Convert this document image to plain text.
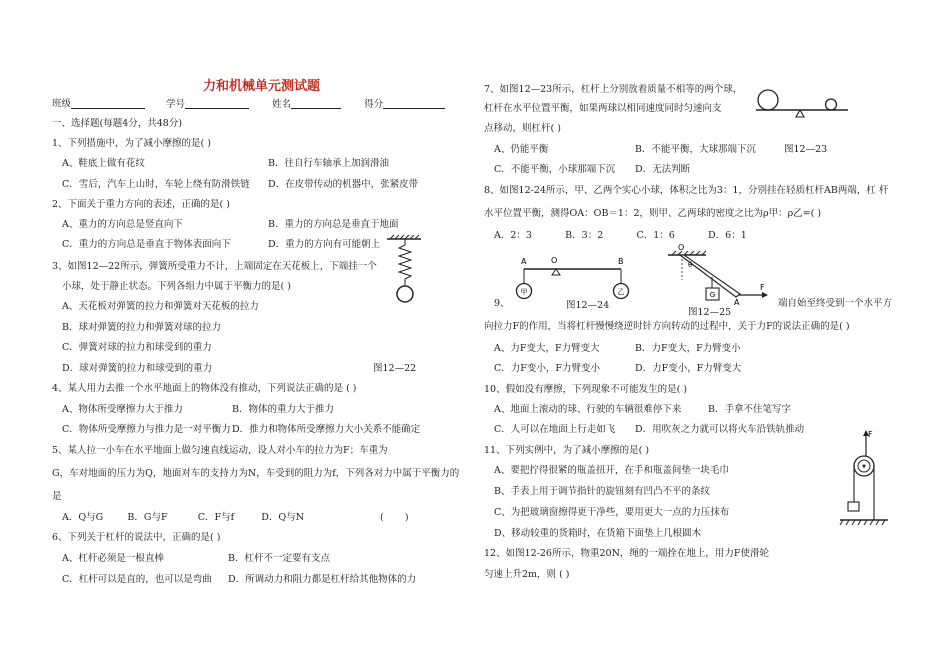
力和机械单元测试题
班级	学号	姓名	得分
一、选择题(每题4分，共48分)
1、下列措施中，为了减小摩擦的是( )
A、鞋底上做有花纹	B．往自行车轴承上加润滑油
C．雪后，汽车上山时，车轮上绕有防滑铁链 D．在皮带传动的机器中，张紧皮带
2、下面关于重力方向的表述，正确的是( )
A、重力的方向总是竖直向下	B．重力的方向总是垂直于地面
C．重力的方向总是垂直于物体表面向下	D．重力的方向有可能朝上
3、如图12—22所示，弹簧所受重力不计，上端固定在天花板上，下端挂一个
小球，处于静止状态。下列各组力中属于平衡力的是( )
A、天花板对弹簧的拉力和弹簧对天花板的拉力
B．球对弹簧的拉力和弹簧对球的拉力
C．弹簧对球的拉力和球受到的重力
D．球对弹簧的拉力和球受到的重力	图12—22
4、某人用力去推一个水平地面上的物体没有推动，下列说法正确的是 ( )
A、物体所受摩擦力大于推力	B．物体的重力大于推力
C．物体所受摩擦力与推力是一对平衡力 D．推力和物体所受摩擦力大小关系不能确定
5、某人拉一小车在水平地面上做匀速直线运动，设人对小车的拉力为F；车重为
G，车对地面的压力为Q，地面对车的支持力为N，车受到的阻力为f，下列各对力中属于平衡力的
是
A．Q与G        B．G与F          C．F与f         D．Q与N	(       )
6、下列关于杠杆的说法中，正确的是( )
A、杠杆必须是一根直棒	B．杠杆不一定要有支点
C．杠杆可以是直的，也可以是弯曲 D．所调动力和阻力都是杠杆给其他物体的力
7、如图12—23所示，杠杆上分别放着质量不相等的两个球，
杠杆在水平位置平衡，如果两球以相同速度同时匀速向支
点移动，则杠杆( )
A、仍能平衡	B．不能平衡，大球那端下沉	图12—23
C．不能平衡，小球那端下沉 D．无法判断
8、如图12-24所示，甲、乙两个实心小球，体积之比为3：1，分别挂在轻质杠杆AB两端，杠 杆
水平位置平衡，测得OA：OB＝1：2，则甲、乙两球的密度之比为ρ甲：ρ乙=( )
A．2：3           B．3：2           C．1：6           D．6：1
A	O	B
甲	乙
O
θ
G
A
F
9、	图12—24
图12—25
端自始至终受到一个水平方
向拉力F的作用，当将杠杆慢慢绕逆时针方向转动的过程中，关于力F的说法正确的是( )
A、力F变大，F力臂变大	B．力F变大，F力臂变小
C．力F变小，F力臂变小	D．力F变小，F力臂变大
10、假如没有摩擦，下列现象不可能发生的是( )
A、地面上滚动的球、行驶的车辆很难停下来	B．手拿不住笔写字
C．人可以在地面上行走如飞 D．用吹灰之力就可以将火车沿铁轨推动	F
11、下列实例中，为了减小摩擦的是( )
A、要把拧得很紧的瓶盖扭开，在手和瓶盖间垫一块毛巾
B、手表上用于调节指针的旋钮刻有凹凸不平的条纹
C、为把玻璃窗擦得更干净些，要用更大一点的力压抹布
D、移动较重的货箱时，在货箱下面垫上几根圆木
12、如图12-26所示，物重20N，绳的一端拴在地上，用力F使滑轮
匀速上升2m，则 ( )
